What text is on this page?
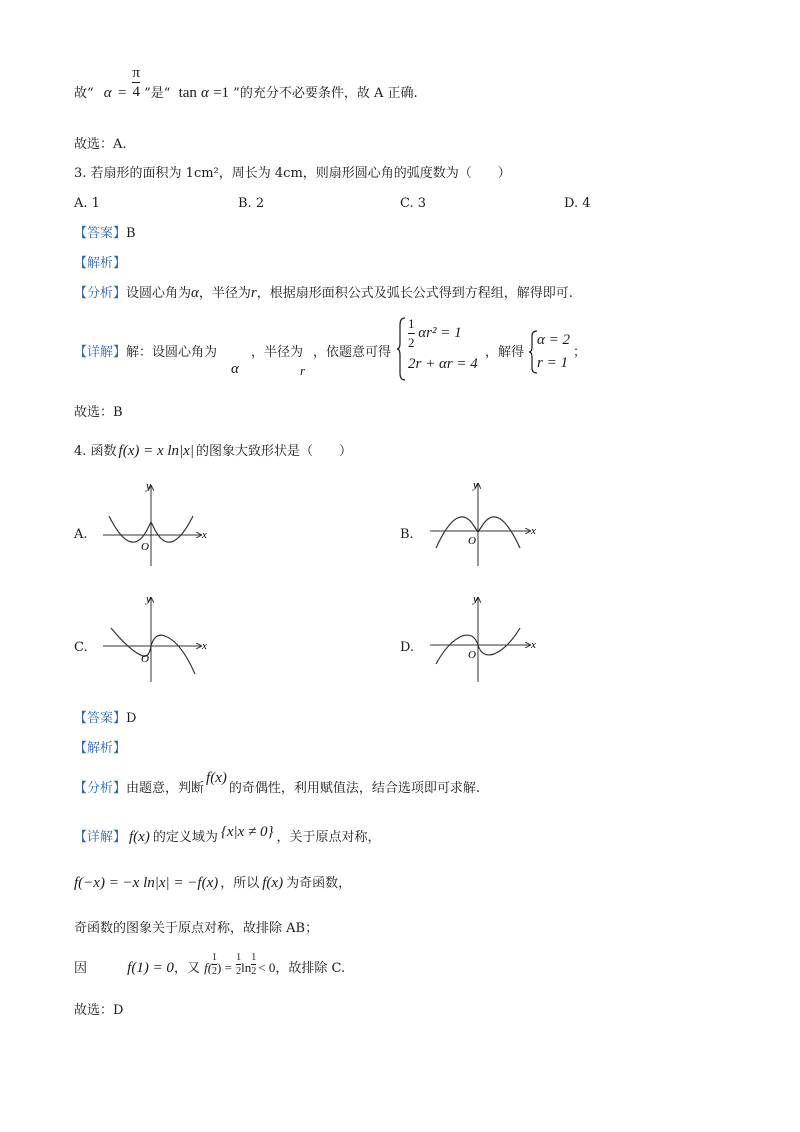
故“ $\alpha = \frac{\pi}{4}$ ”是“ tan α =1 ”的充分不必要条件，故 A 正确.
故选：A.
3. 若扇形的面积为 1cm²，周长为 4cm，则扇形圆心角的弧度数为（　　）
A. 1	B. 2	C. 3	D. 4
【答案】B
【解析】
【分析】设圆心角为α，半径为r，根据扇形面积公式及弧长公式得到方程组，解得即可.
【详解】解：设圆心角为
α
，半径为
r
，依题意可得
$\frac{1}{2} \alpha r^2 = 1$
2r + αr = 4
，解得
α = 2
r = 1
；
故选：B
4. 函数 f(x) = x ln|x| 的图象大致形状是（　　）
A.	B.
C.	D.
x
y
O
x
y
O
x
y
O
x
y
O
【答案】D
【解析】
【分析】由题意，判断f(x)的奇偶性，利用赋值法，结合选项即可求解.
【详解】 f(x) 的定义域为 {x|x ≠ 0} ，关于原点对称，
f(−x) = −x ln|x| = −f(x) ，所以 f(x) 为奇函数，
奇函数的图象关于原点对称，故排除 AB；
因	f(1) = 0，又 $f( \frac{1}{2}$ ) = $\frac{1}{2}$ $\ln \frac{1}{2} < 0$，故排除 C.
故选：D
